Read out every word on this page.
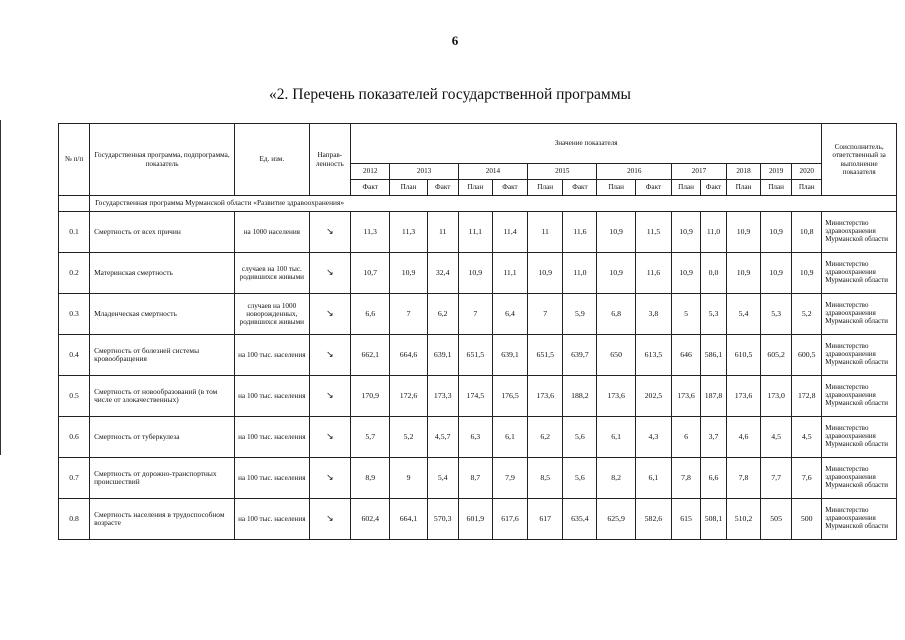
6
«2. Перечень показателей государственной программы
№ п/п	Государственная программа, подпрограмма, показатель	Ед. изм.	Направ-ленность	Значение показателя														Соисполнитель, ответственный за выполнение показателя
				2012	2013		2014		2015		2016		2017		2018	2019	2020	
				Факт	План	Факт	План	Факт	План	Факт	План	Факт	План	Факт	План	План	План	
	Государственная программа Мурманской области «Развитие здравоохранения»																	
0.1	Смертность от всех причин	на 1000 населения	↘	11,3	11,3	11	11,1	11,4	11	11,6	10,9	11,5	10,9	11,0	10,9	10,9	10,8	Министерство здравоохранения Мурманской области
0.2	Материнская смертность	случаев на 100 тыс. родившихся живыми	↘	10,7	10,9	32,4	10,9	11,1	10,9	11,0	10,9	11,6	10,9	0,0	10,9	10,9	10,9	Министерство здравоохранения Мурманской области
0.3	Младенческая смертность	случаев на 1000 новорожденных, родившихся живыми	↘	6,6	7	6,2	7	6,4	7	5,9	6,8	3,8	5	5,3	5,4	5,3	5,2	Министерство здравоохранения Мурманской области
0.4	Смертность от болезней системы кровообращения	на 100 тыс. населения	↘	662,1	664,6	639,1	651,5	639,1	651,5	639,7	650	613,5	646	586,1	610,5	605,2	600,5	Министерство здравоохранения Мурманской области
0.5	Смертность от новообразований (в том числе от злокачественных)	на 100 тыс. населения	↘	170,9	172,6	173,3	174,5	176,5	173,6	188,2	173,6	202,5	173,6	187,8	173,6	173,0	172,8	Министерство здравоохранения Мурманской области
0.6	Смертность от туберкулеза	на 100 тыс. населения	↘	5,7	5,2	4,5,7	6,3	6,1	6,2	5,6	6,1	4,3	6	3,7	4,6	4,5	4,5	Министерство здравоохранения Мурманской области
0.7	Смертность от дорожно-транспортных происшествий	на 100 тыс. населения	↘	8,9	9	5,4	8,7	7,9	8,5	5,6	8,2	6,1	7,8	6,6	7,8	7,7	7,6	Министерство здравоохранения Мурманской области
0.8	Смертность населения в трудоспособном возрасте	на 100 тыс. населения	↘	602,4	664,1	570,3	601,9	617,6	617	635,4	625,9	582,6	615	508,1	510,2	505	500	Министерство здравоохранения Мурманской области
